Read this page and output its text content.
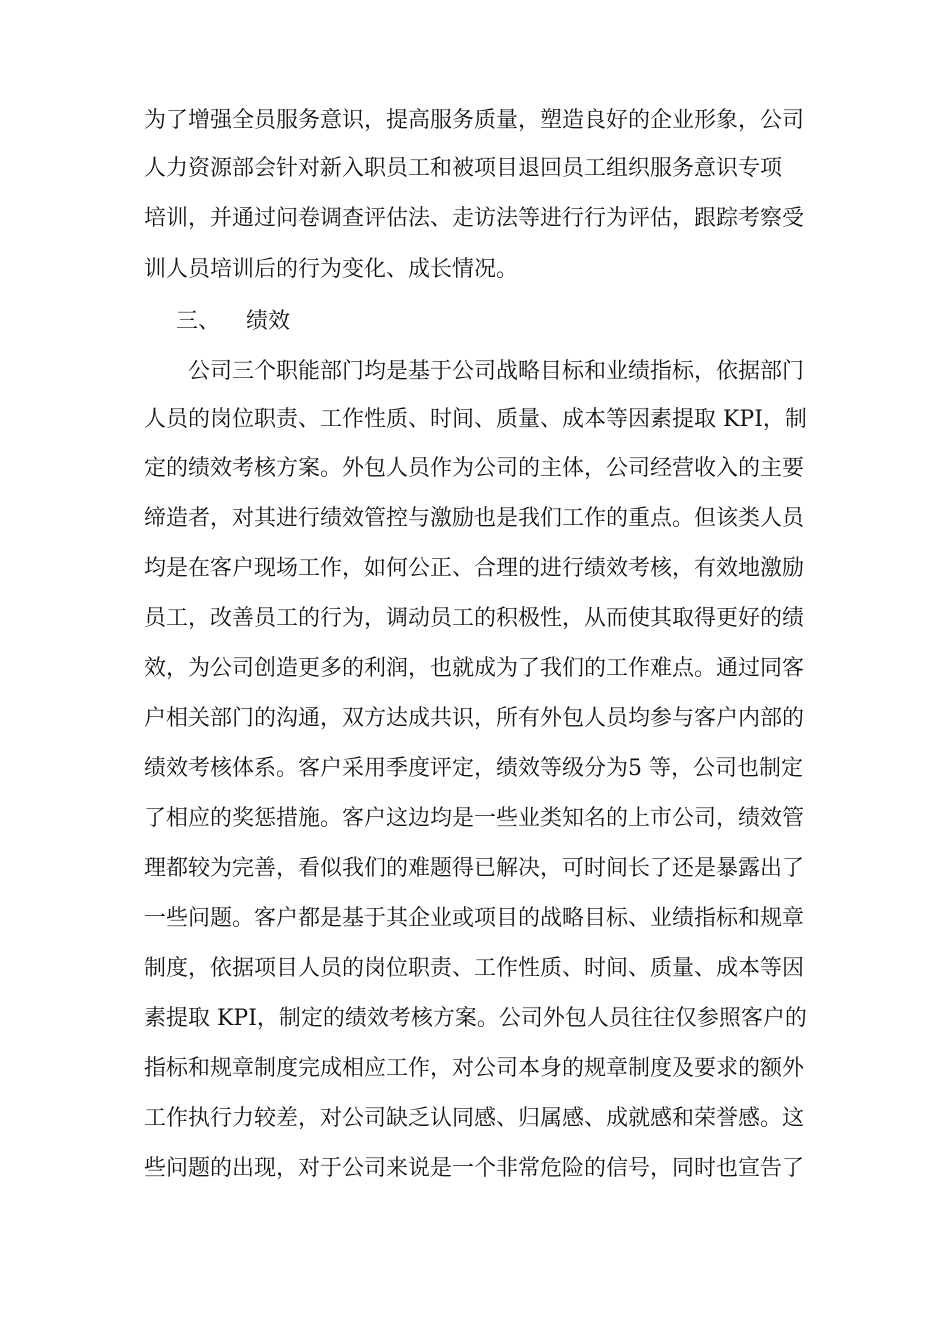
为了增强全员服务意识，提高服务质量，塑造良好的企业形象，公司
人力资源部会针对新入职员工和被项目退回员工组织服务意识专项
培训，并通过问卷调查评估法、走访法等进行行为评估，跟踪考察受
训人员培训后的行为变化、成长情况。
三、 绩效
公司三个职能部门均是基于公司战略目标和业绩指标，依据部门
人员的岗位职责、工作性质、时间、质量、成本等因素提取 KPI，制
定的绩效考核方案。外包人员作为公司的主体，公司经营收入的主要
缔造者，对其进行绩效管控与激励也是我们工作的重点。但该类人员
均是在客户现场工作，如何公正、合理的进行绩效考核，有效地激励
员工，改善员工的行为，调动员工的积极性，从而使其取得更好的绩
效，为公司创造更多的利润，也就成为了我们的工作难点。通过同客
户相关部门的沟通，双方达成共识，所有外包人员均参与客户内部的
绩效考核体系。客户采用季度评定，绩效等级分为5 等，公司也制定
了相应的奖惩措施。客户这边均是一些业类知名的上市公司，绩效管
理都较为完善，看似我们的难题得已解决，可时间长了还是暴露出了
一些问题。客户都是基于其企业或项目的战略目标、业绩指标和规章
制度，依据项目人员的岗位职责、工作性质、时间、质量、成本等因
素提取 KPI，制定的绩效考核方案。公司外包人员往往仅参照客户的
指标和规章制度完成相应工作，对公司本身的规章制度及要求的额外
工作执行力较差，对公司缺乏认同感、归属感、成就感和荣誉感。这
些问题的出现，对于公司来说是一个非常危险的信号，同时也宣告了
